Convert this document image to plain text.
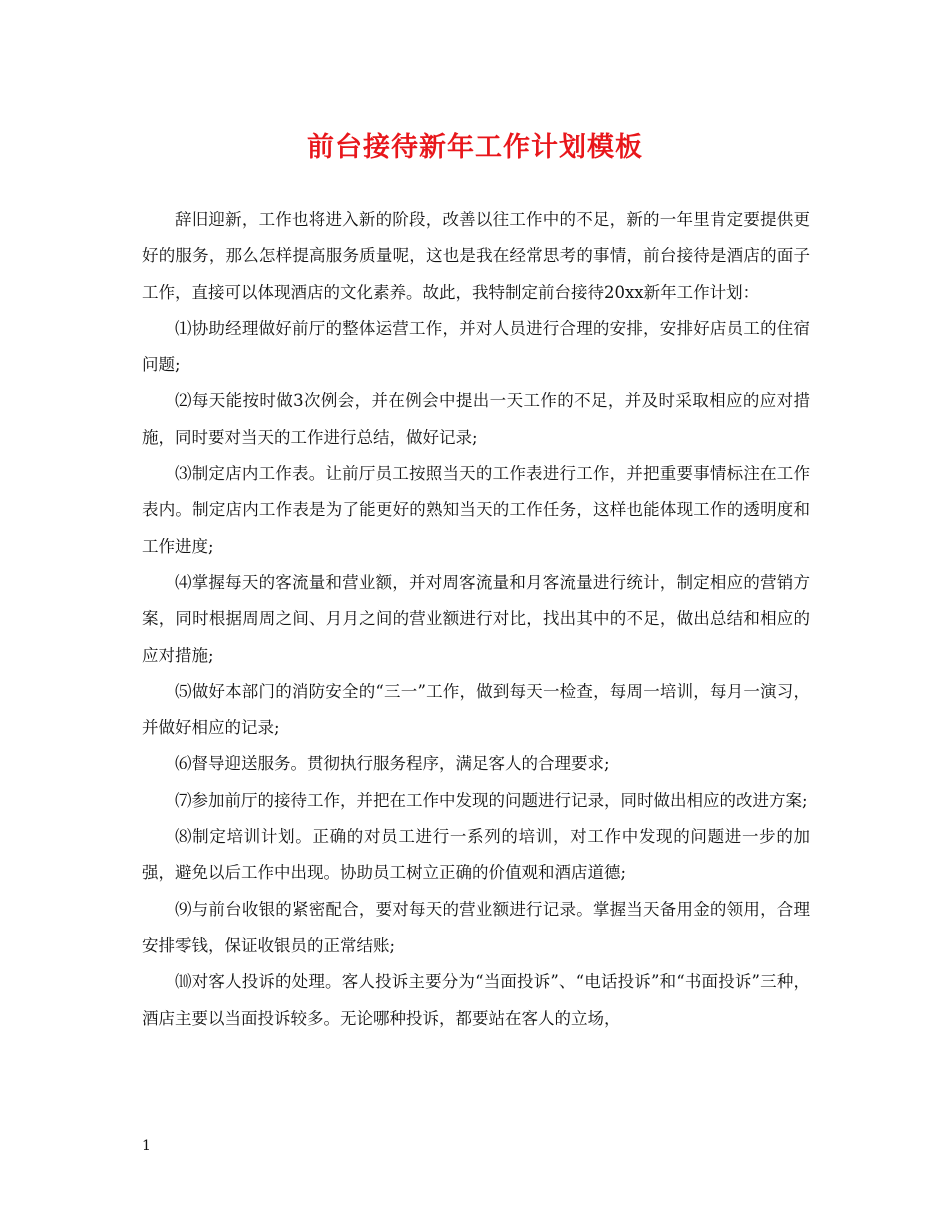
前台接待新年工作计划模板

辞旧迎新，工作也将进入新的阶段，改善以往工作中的不足，新的一年里肯定要提供更好的服务，那么怎样提高服务质量呢，这也是我在经常思考的事情，前台接待是酒店的面子工作，直接可以体现酒店的文化素养。故此，我特制定前台接待20xx新年工作计划：

⑴协助经理做好前厅的整体运营工作，并对人员进行合理的安排，安排好店员工的住宿问题;

⑵每天能按时做3次例会，并在例会中提出一天工作的不足，并及时采取相应的应对措施，同时要对当天的工作进行总结，做好记录;

⑶制定店内工作表。让前厅员工按照当天的工作表进行工作，并把重要事情标注在工作表内。制定店内工作表是为了能更好的熟知当天的工作任务，这样也能体现工作的透明度和工作进度;

⑷掌握每天的客流量和营业额，并对周客流量和月客流量进行统计，制定相应的营销方案，同时根据周周之间、月月之间的营业额进行对比，找出其中的不足，做出总结和相应的应对措施;

⑸做好本部门的消防安全的“三一”工作，做到每天一检查，每周一培训，每月一演习，并做好相应的记录;

⑹督导迎送服务。贯彻执行服务程序，满足客人的合理要求;

⑺参加前厅的接待工作，并把在工作中发现的问题进行记录，同时做出相应的改进方案;

⑻制定培训计划。正确的对员工进行一系列的培训，对工作中发现的问题进一步的加强，避免以后工作中出现。协助员工树立正确的价值观和酒店道德;

⑼与前台收银的紧密配合，要对每天的营业额进行记录。掌握当天备用金的领用，合理安排零钱，保证收银员的正常结账;

⑽对客人投诉的处理。客人投诉主要分为“当面投诉”、“电话投诉”和“书面投诉”三种，酒店主要以当面投诉较多。无论哪种投诉，都要站在客人的立场，

1
